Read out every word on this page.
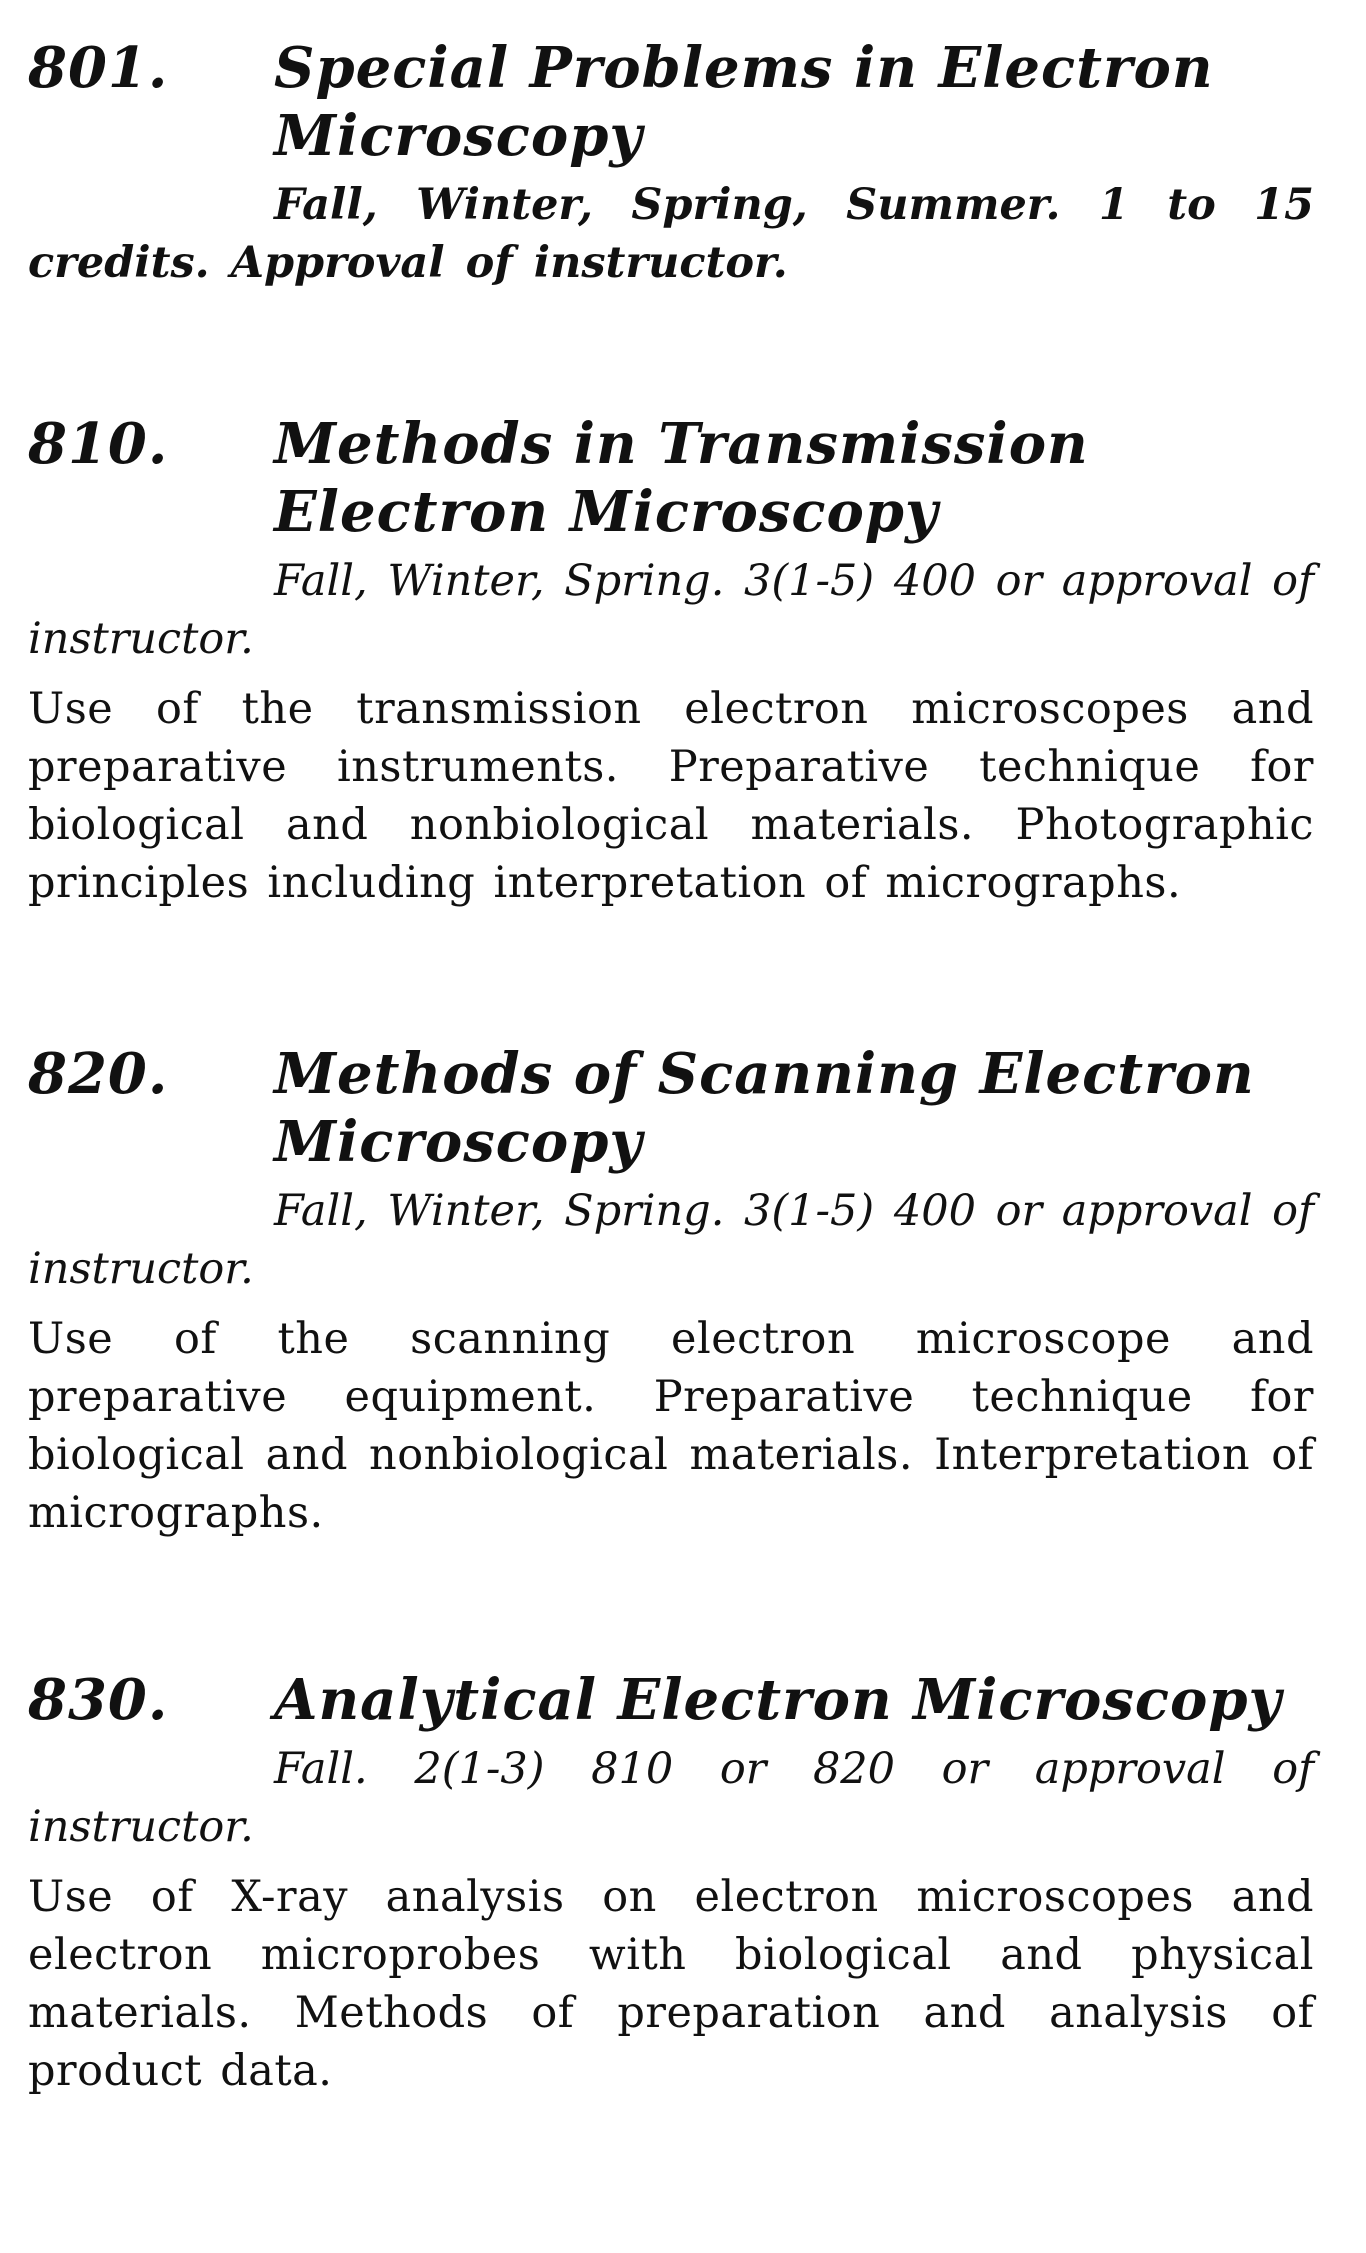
801. Special Problems in Electron Microscopy
Fall, Winter, Spring, Summer. 1 to 15 credits. Approval of instructor.
810. Methods in Transmission Electron Microscopy
Fall, Winter, Spring. 3(1-5) 400 or approval of instructor.
Use of the transmission electron microscopes and preparative instruments. Preparative technique for biological and nonbiological materials. Photographic principles including interpretation of micrographs.
820. Methods of Scanning Electron Microscopy
Fall, Winter, Spring. 3(1-5) 400 or approval of instructor.
Use of the scanning electron microscope and preparative equipment. Preparative technique for biological and nonbiological materials. Interpretation of micrographs.
830. Analytical Electron Microscopy
Fall. 2(1-3) 810 or 820 or approval of instructor.
Use of X-ray analysis on electron microscopes and electron microprobes with biological and physical materials. Methods of preparation and analysis of product data.
